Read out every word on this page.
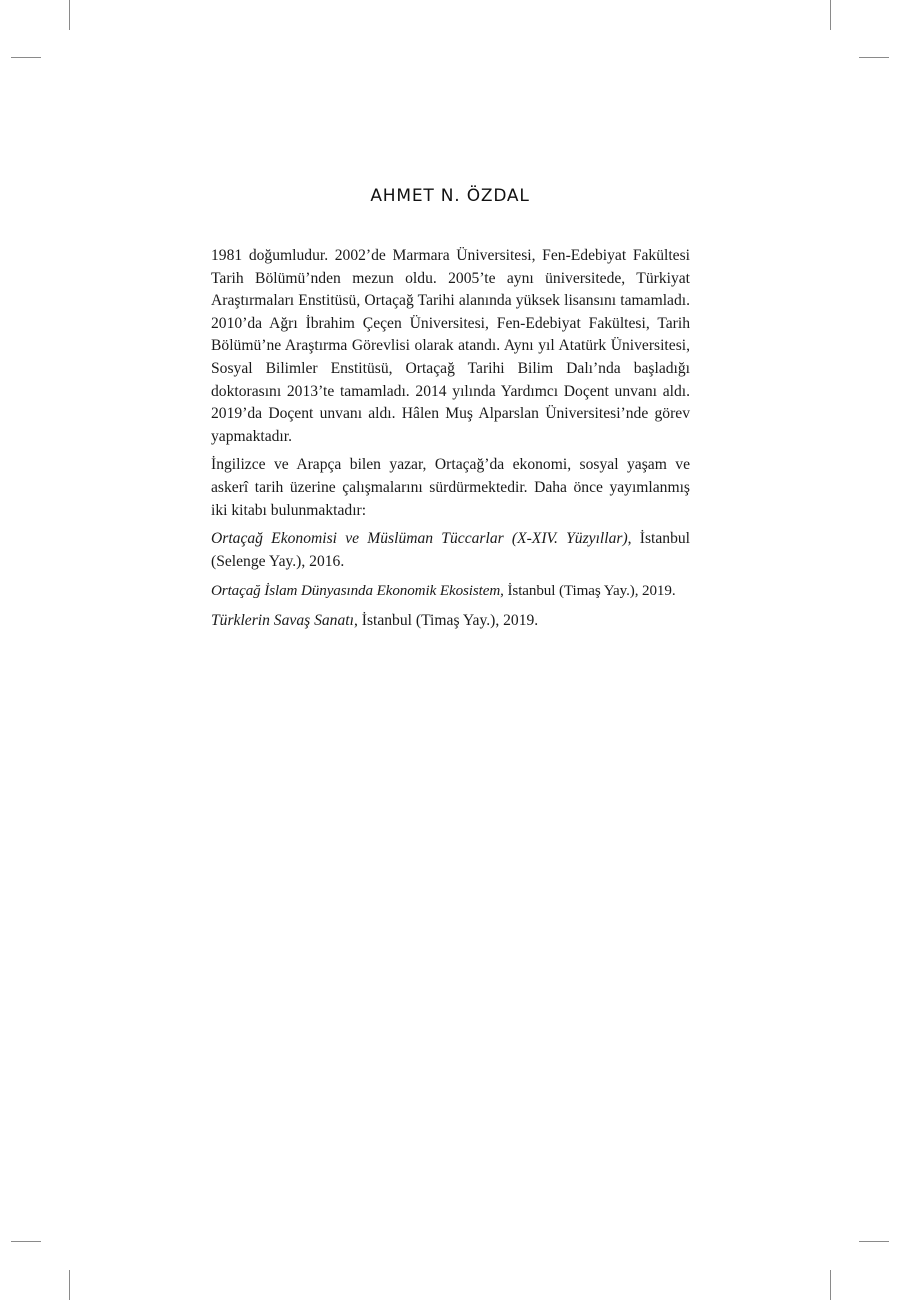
AHMET N. ÖZDAL

1981 doğumludur. 2002’de Marmara Üniversitesi, Fen-Edebiyat Fakültesi Tarih Bölümü’nden mezun oldu. 2005’te aynı üniversitede, Türkiyat Araştırmaları Enstitüsü, Ortaçağ Tarihi alanında yüksek lisansını tamamladı. 2010’da Ağrı İbrahim Çeçen Üniversitesi, Fen-Edebiyat Fakültesi, Tarih Bölümü’ne Araştırma Görevlisi olarak atandı. Aynı yıl Atatürk Üniversitesi, Sosyal Bilimler Enstitüsü, Ortaçağ Tarihi Bilim Dalı’nda başladığı doktorasını 2013’te tamamladı. 2014 yılında Yardımcı Doçent unvanı aldı. 2019’da Doçent unvanı aldı. Hâlen Muş Alparslan Üniversitesi’nde görev yapmaktadır.

İngilizce ve Arapça bilen yazar, Ortaçağ’da ekonomi, sosyal yaşam ve askerî tarih üzerine çalışmalarını sürdürmektedir. Daha önce yayımlanmış iki kitabı bulunmaktadır:

Ortaçağ Ekonomisi ve Müslüman Tüccarlar (X-XIV. Yüzyıllar), İstanbul (Selenge Yay.), 2016.

Ortaçağ İslam Dünyasında Ekonomik Ekosistem, İstanbul (Timaş Yay.), 2019.

Türklerin Savaş Sanatı, İstanbul (Timaş Yay.), 2019.
